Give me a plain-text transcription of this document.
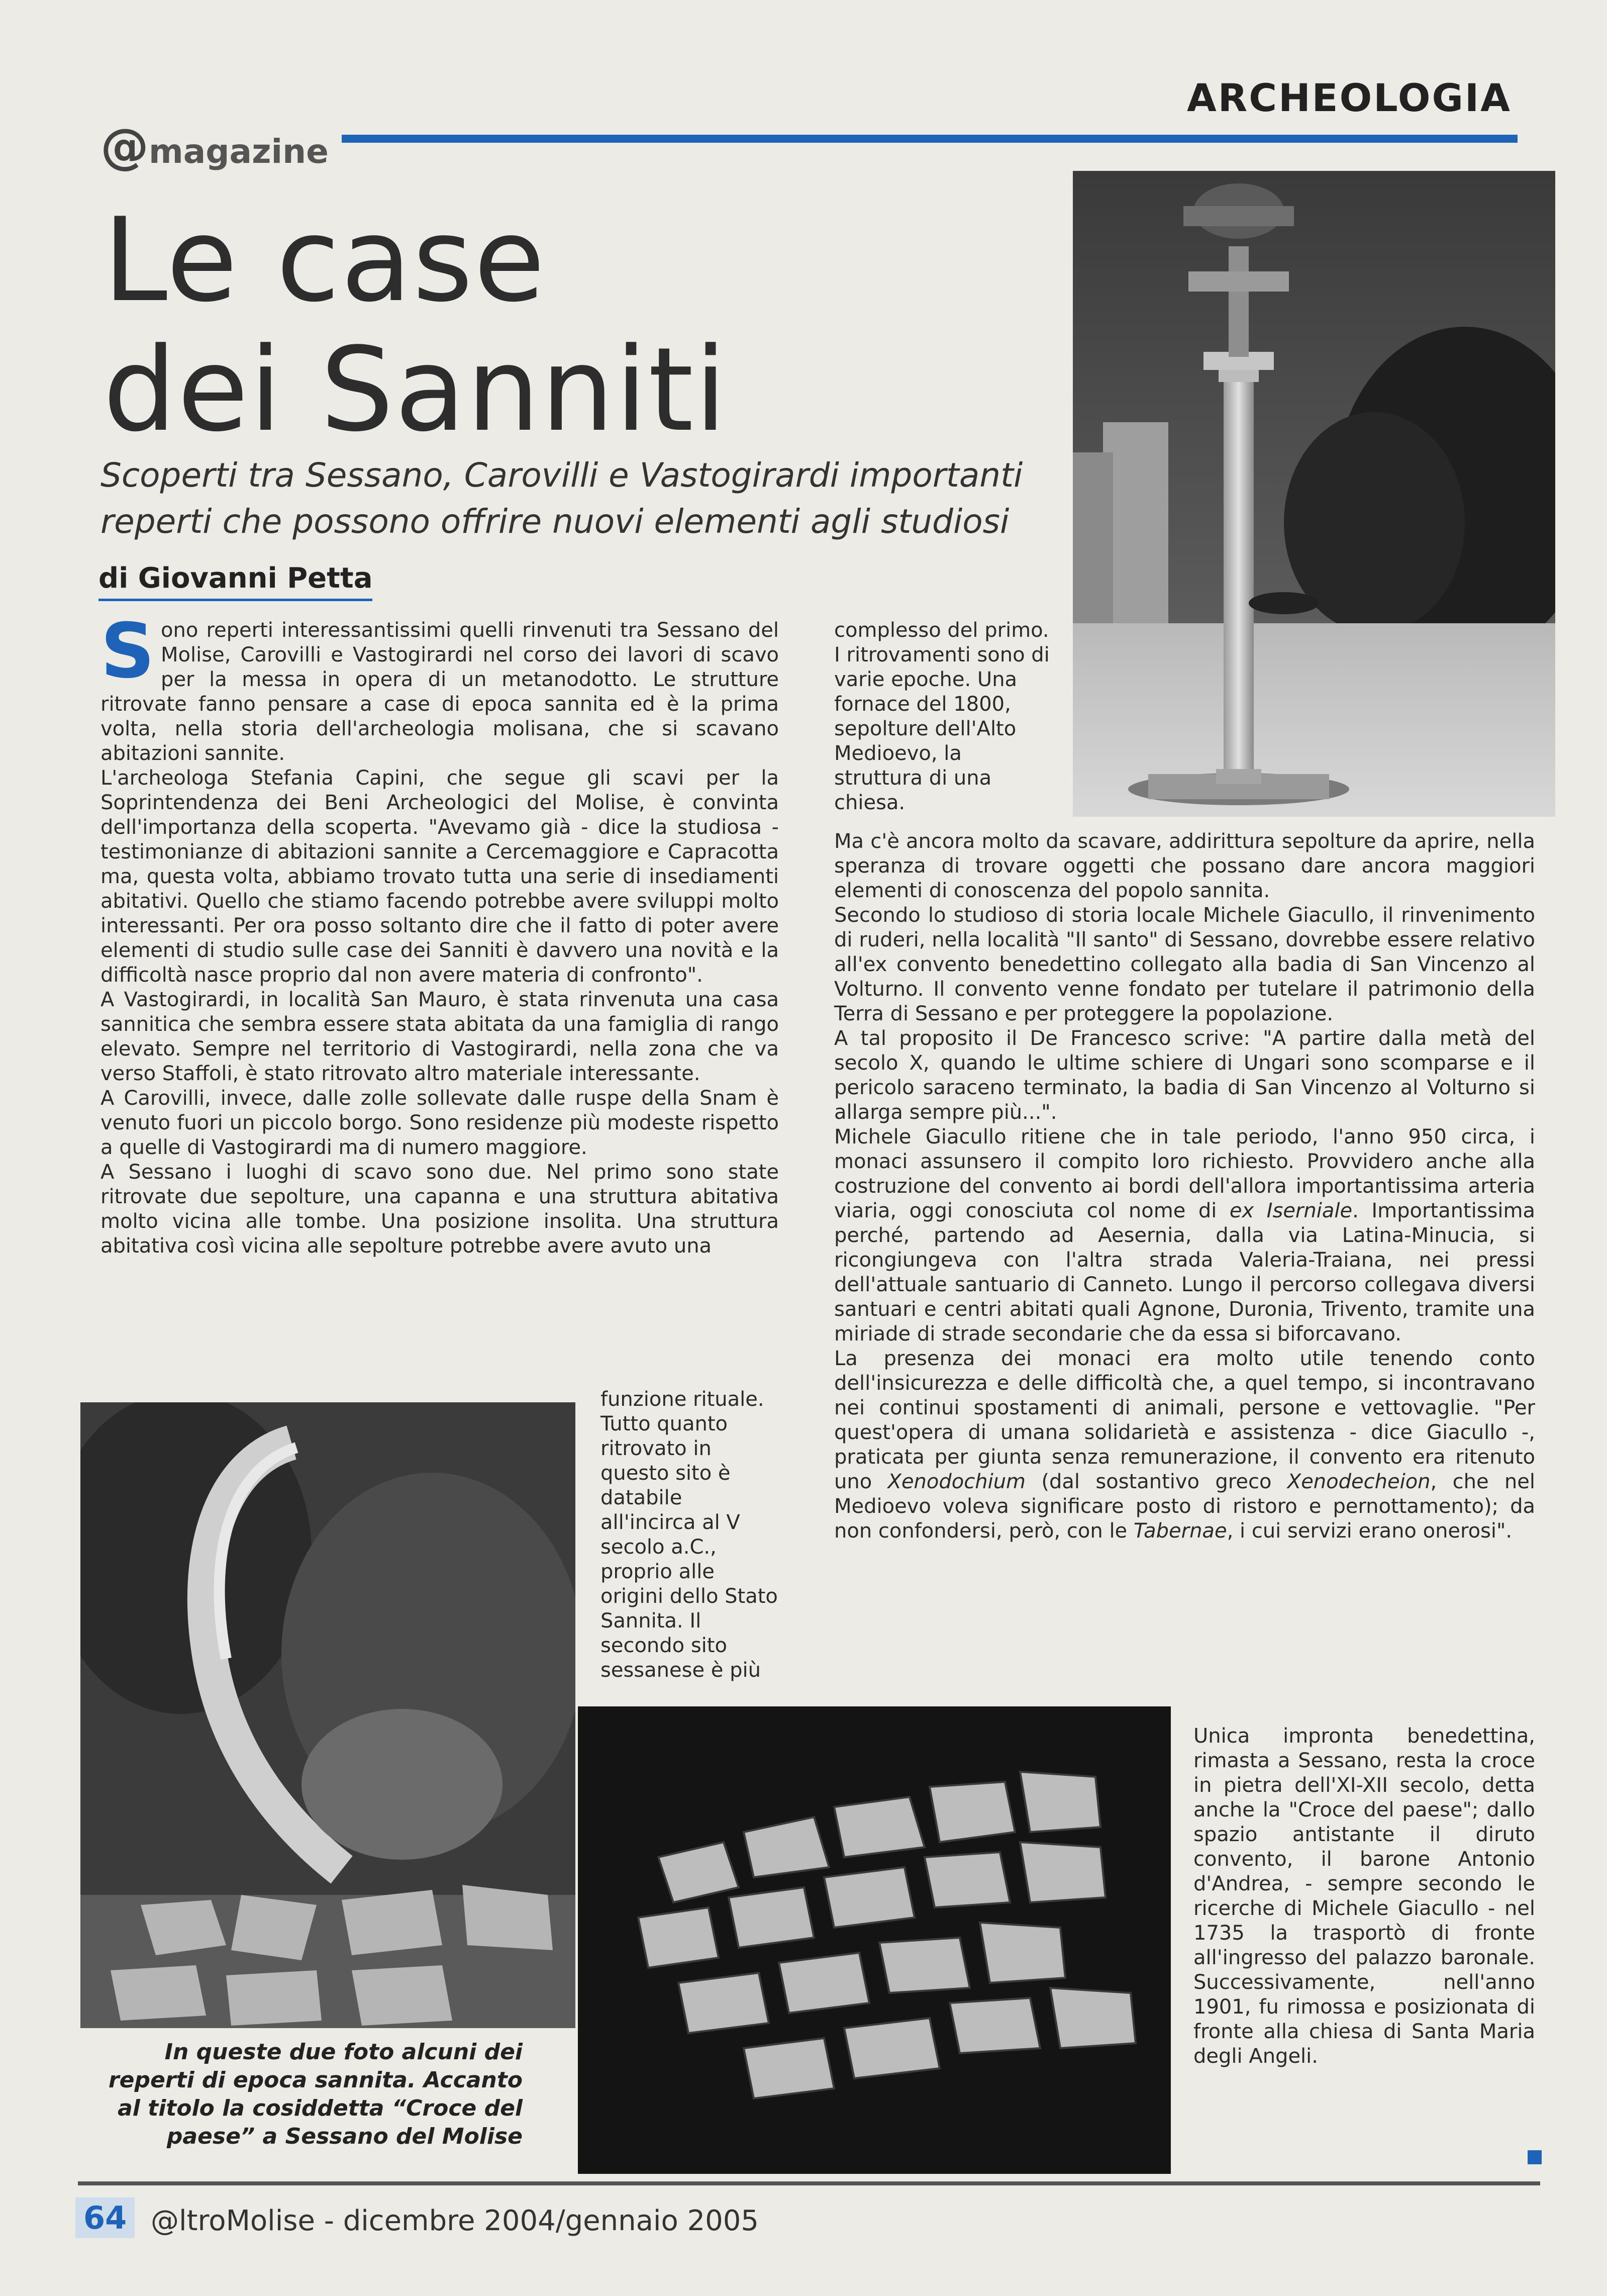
ARCHEOLOGIA
@magazine
Le case
dei Sanniti
Scoperti tra Sessano, Carovilli e Vastogirardi importanti
reperti che possono offrire nuovi elementi agli studiosi
di Giovanni Petta

Sono reperti interessantissimi quelli rinvenuti tra Sessano del Molise, Carovilli e Vastogirardi nel corso dei lavori di scavo per la messa in opera di un metanodotto. Le strutture ritrovate fanno pensare a case di epoca sannita ed è la prima volta, nella storia dell'archeologia molisana, che si scavano abitazioni sannite.

L'archeologa Stefania Capini, che segue gli scavi per la Soprintendenza dei Beni Archeologici del Molise, è convinta dell'importanza della scoperta. "Avevamo già - dice la studiosa - testimonianze di abitazioni sannite a Cercemaggiore e Capracotta ma, questa volta, abbiamo trovato tutta una serie di insediamenti abitativi. Quello che stiamo facendo potrebbe avere sviluppi molto interessanti. Per ora posso soltanto dire che il fatto di poter avere elementi di studio sulle case dei Sanniti è davvero una novità e la difficoltà nasce proprio dal non avere materia di confronto".

A Vastogirardi, in località San Mauro, è stata rinvenuta una casa sannitica che sembra essere stata abitata da una famiglia di rango elevato. Sempre nel territorio di Vastogirardi, nella zona che va verso Staffoli, è stato ritrovato altro materiale interessante.

A Carovilli, invece, dalle zolle sollevate dalle ruspe della Snam è venuto fuori un piccolo borgo. Sono residenze più modeste rispetto a quelle di Vastogirardi ma di numero maggiore.

A Sessano i luoghi di scavo sono due. Nel primo sono state ritrovate due sepolture, una capanna e una struttura abitativa molto vicina alle tombe. Una posizione insolita. Una struttura abitativa così vicina alle sepolture potrebbe avere avuto una

funzione rituale. Tutto quanto ritrovato in questo sito è databile all'incirca al V secolo a.C., proprio alle origini dello Stato Sannita. Il secondo sito sessanese è più

In queste due foto alcuni dei reperti di epoca sannita. Accanto al titolo la cosiddetta “Croce del paese” a Sessano del Molise

complesso del primo. I ritrovamenti sono di varie epoche. Una fornace del 1800, sepolture dell'Alto Medioevo, la struttura di una chiesa.

Ma c'è ancora molto da scavare, addirittura sepolture da aprire, nella speranza di trovare oggetti che possano dare ancora maggiori elementi di conoscenza del popolo sannita.

Secondo lo studioso di storia locale Michele Giacullo, il rinvenimento di ruderi, nella località "Il santo" di Sessano, dovrebbe essere relativo all'ex convento benedettino collegato alla badia di San Vincenzo al Volturno. Il convento venne fondato per tutelare il patrimonio della Terra di Sessano e per proteggere la popolazione.

A tal proposito il De Francesco scrive: "A partire dalla metà del secolo X, quando le ultime schiere di Ungari sono scomparse e il pericolo saraceno terminato, la badia di San Vincenzo al Volturno si allarga sempre più...".

Michele Giacullo ritiene che in tale periodo, l'anno 950 circa, i monaci assunsero il compito loro richiesto. Provvidero anche alla costruzione del convento ai bordi dell'allora importantissima arteria viaria, oggi conosciuta col nome di ex Iserniale. Importantissima perché, partendo ad Aesernia, dalla via Latina-Minucia, si ricongiungeva con l'altra strada Valeria-Traiana, nei pressi dell'attuale santuario di Canneto. Lungo il percorso collegava diversi santuari e centri abitati quali Agnone, Duronia, Trivento, tramite una miriade di strade secondarie che da essa si biforcavano.

La presenza dei monaci era molto utile tenendo conto dell'insicurezza e delle difficoltà che, a quel tempo, si incontravano nei continui spostamenti di animali, persone e vettovaglie. "Per quest'opera di umana solidarietà e assistenza - dice Giacullo -, praticata per giunta senza remunerazione, il convento era ritenuto uno Xenodochium (dal sostantivo greco Xenodecheion, che nel Medioevo voleva significare posto di ristoro e pernottamento); da non confondersi, però, con le Tabernae, i cui servizi erano onerosi".

Unica impronta benedettina, rimasta a Sessano, resta la croce in pietra dell'XI-XII secolo, detta anche la "Croce del paese"; dallo spazio antistante il diruto convento, il barone Antonio d'Andrea, - sempre secondo le ricerche di Michele Giacullo - nel 1735 la trasportò di fronte all'ingresso del palazzo baronale. Successivamente, nell'anno 1901, fu rimossa e posizionata di fronte alla chiesa di Santa Maria degli Angeli.

64 @ltroMolise - dicembre 2004/gennaio 2005
